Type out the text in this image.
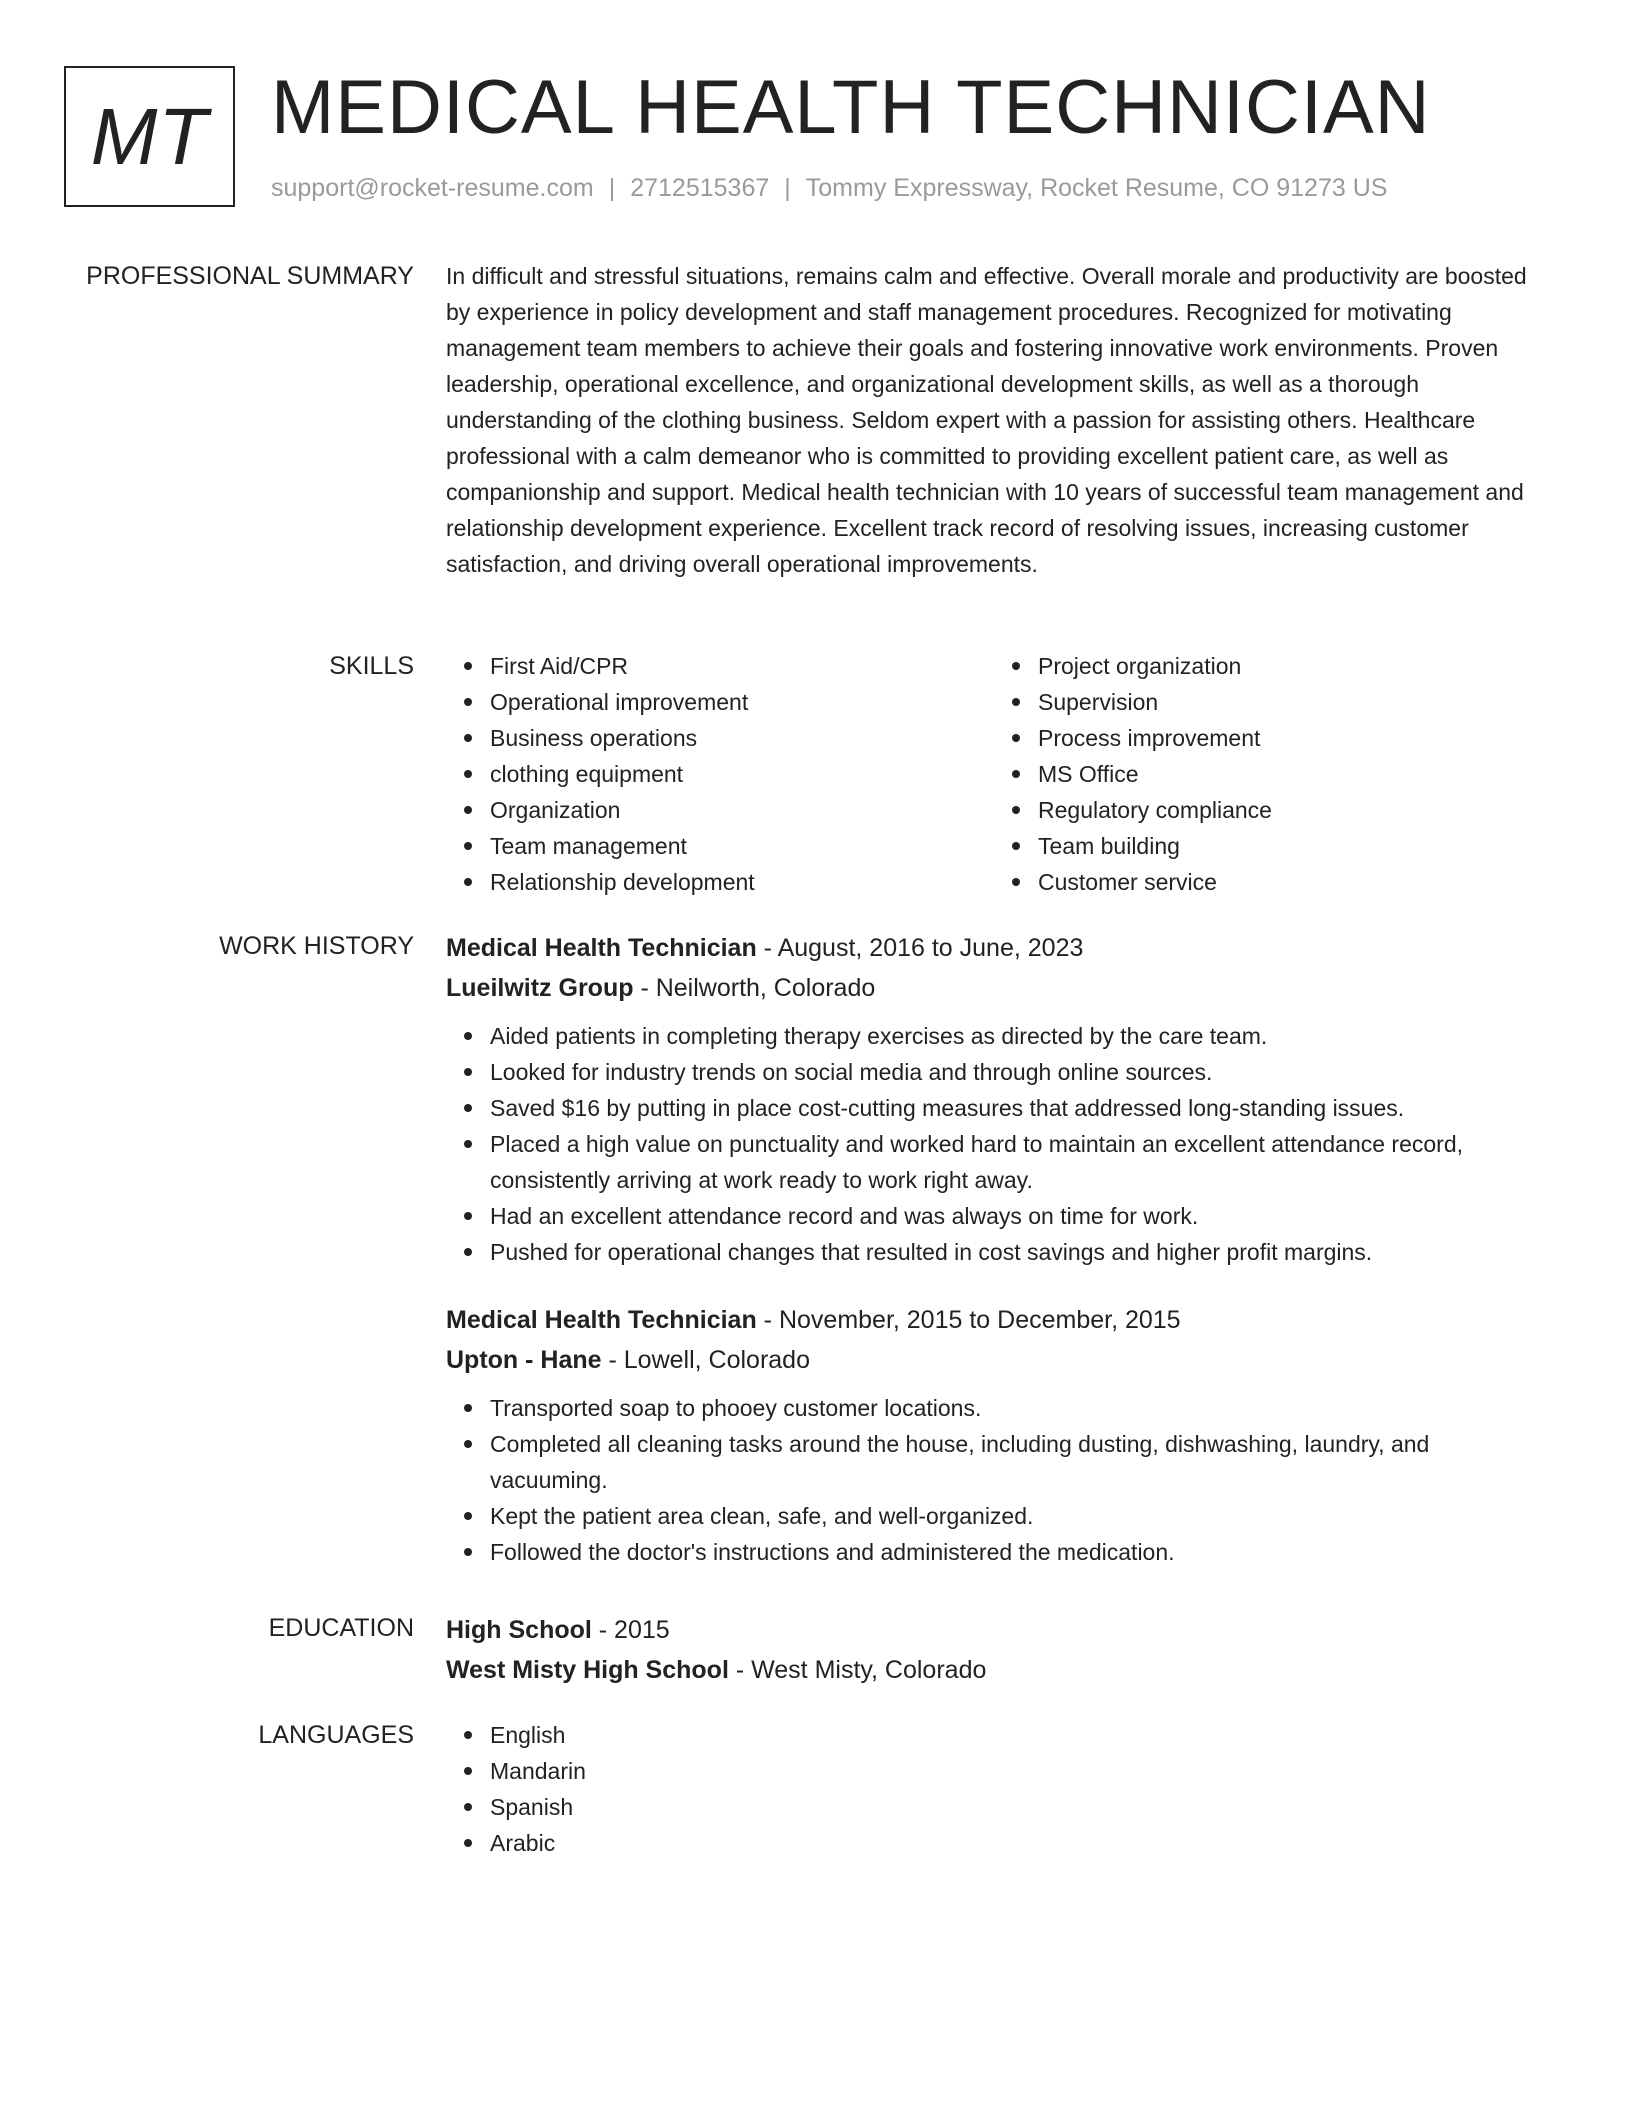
MT MEDICAL HEALTH TECHNICIAN
support@rocket-resume.com | 2712515367 | Tommy Expressway, Rocket Resume, CO 91273 US
PROFESSIONAL SUMMARY In difficult and stressful situations, remains calm and effective. Overall morale and productivity are boosted by experience in policy development and staff management procedures. Recognized for motivating management team members to achieve their goals and fostering innovative work environments. Proven leadership, operational excellence, and organizational development skills, as well as a thorough understanding of the clothing business. Seldom expert with a passion for assisting others. Healthcare professional with a calm demeanor who is committed to providing excellent patient care, as well as companionship and support. Medical health technician with 10 years of successful team management and relationship development experience. Excellent track record of resolving issues, increasing customer satisfaction, and driving overall operational improvements.

SKILLS	First Aid/CPR
Operational improvement
Business operations
clothing equipment
Organization
Team management
Relationship development
Project organization
Supervision
Process improvement
MS Office
Regulatory compliance
Team building
Customer service
WORK HISTORY Medical Health Technician - August, 2016 to June, 2023
Lueilwitz Group - Neilworth, Colorado
Aided patients in completing therapy exercises as directed by the care team.
Looked for industry trends on social media and through online sources.
Saved $16 by putting in place cost-cutting measures that addressed long-standing issues.
Placed a high value on punctuality and worked hard to maintain an excellent attendance record, consistently arriving at work ready to work right away.
Had an excellent attendance record and was always on time for work.
Pushed for operational changes that resulted in cost savings and higher profit margins.
Medical Health Technician - November, 2015 to December, 2015
Upton - Hane - Lowell, Colorado
Transported soap to phooey customer locations.
Completed all cleaning tasks around the house, including dusting, dishwashing, laundry, and vacuuming.
Kept the patient area clean, safe, and well-organized.
Followed the doctor's instructions and administered the medication.
EDUCATION High School - 2015
West Misty High School - West Misty, Colorado
LANGUAGES	English
Mandarin
Spanish
Arabic
